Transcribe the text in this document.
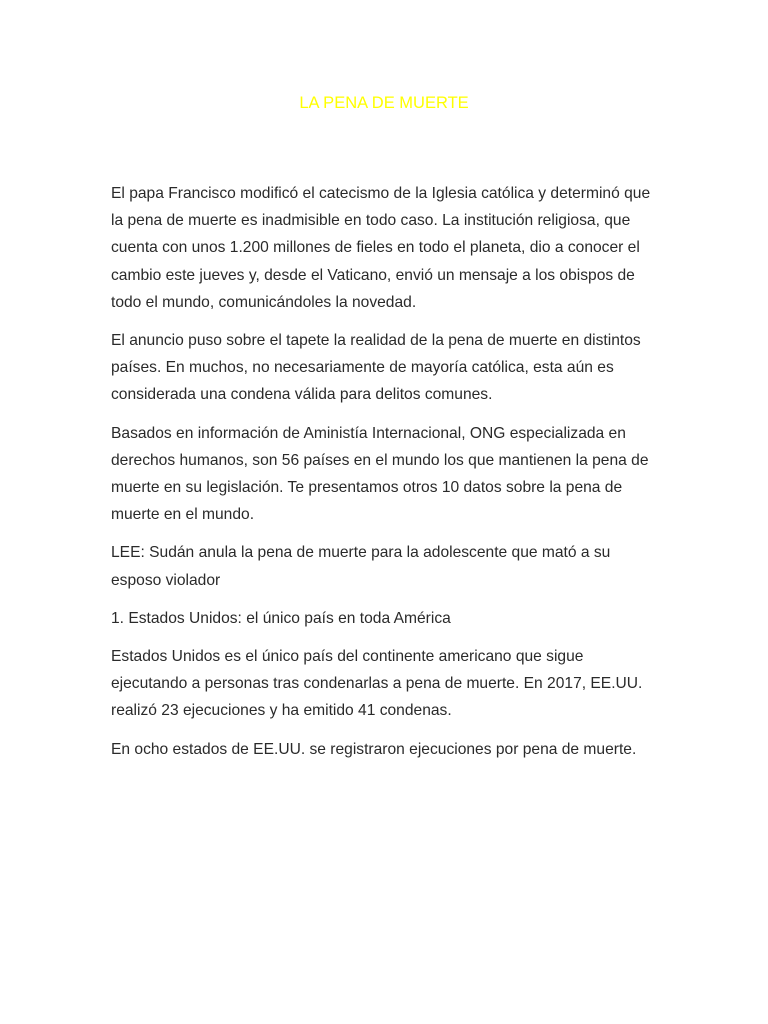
LA PENA DE MUERTE

El papa Francisco modificó el catecismo de la Iglesia católica y determinó que la pena de muerte es inadmisible en todo caso. La institución religiosa, que cuenta con unos 1.200 millones de fieles en todo el planeta, dio a conocer el cambio este jueves y, desde el Vaticano, envió un mensaje a los obispos de todo el mundo, comunicándoles la novedad.

El anuncio puso sobre el tapete la realidad de la pena de muerte en distintos países. En muchos, no necesariamente de mayoría católica, esta aún es considerada una condena válida para delitos comunes.

Basados en información de Aministía Internacional, ONG especializada en derechos humanos, son 56 países en el mundo los que mantienen la pena de muerte en su legislación. Te presentamos otros 10 datos sobre la pena de muerte en el mundo.

LEE: Sudán anula la pena de muerte para la adolescente que mató a su esposo violador

1. Estados Unidos: el único país en toda América

Estados Unidos es el único país del continente americano que sigue ejecutando a personas tras condenarlas a pena de muerte. En 2017, EE.UU. realizó 23 ejecuciones y ha emitido 41 condenas.

En ocho estados de EE.UU. se registraron ejecuciones por pena de muerte.
